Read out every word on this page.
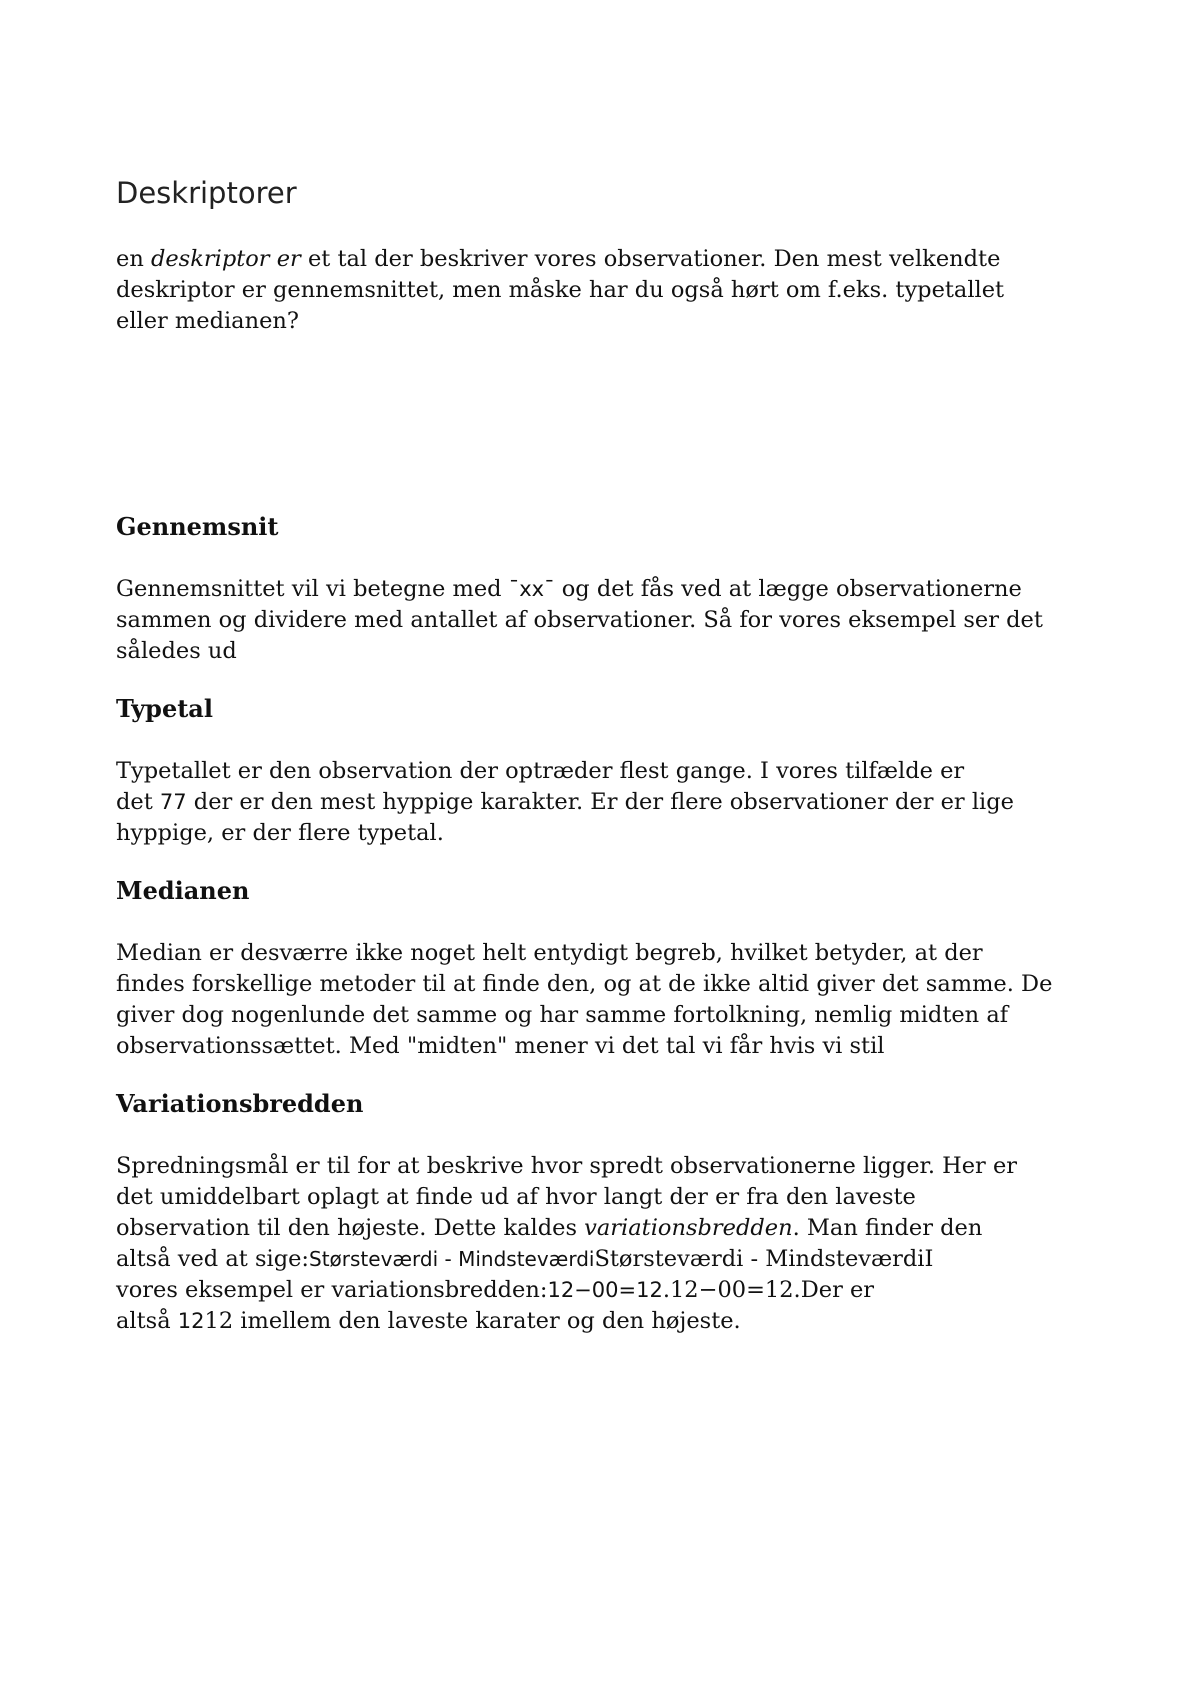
Deskriptorer

en deskriptor er et tal der beskriver vores observationer. Den mest velkendte
deskriptor er gennemsnittet, men måske har du også hørt om f.eks. typetallet
eller medianen?

Gennemsnit

Gennemsnittet vil vi betegne med ¯xx¯ og det fås ved at lægge observationerne
sammen og dividere med antallet af observationer. Så for vores eksempel ser det
således ud

Typetal

Typetallet er den observation der optræder flest gange. I vores tilfælde er
det 77 der er den mest hyppige karakter. Er der flere observationer der er lige
hyppige, er der flere typetal.

Medianen

Median er desværre ikke noget helt entydigt begreb, hvilket betyder, at der
findes forskellige metoder til at finde den, og at de ikke altid giver det samme. De
giver dog nogenlunde det samme og har samme fortolkning, nemlig midten af
observationssættet. Med "midten" mener vi det tal vi får hvis vi stil

Variationsbredden

Spredningsmål er til for at beskrive hvor spredt observationerne ligger. Her er
det umiddelbart oplagt at finde ud af hvor langt der er fra den laveste
observation til den højeste. Dette kaldes variationsbredden. Man finder den
altså ved at sige:Størsteværdi - MindsteværdiStørsteværdi - MindsteværdiI
vores eksempel er variationsbredden:12−00=12.12−00=12.Der er
altså 1212 imellem den laveste karater og den højeste.
